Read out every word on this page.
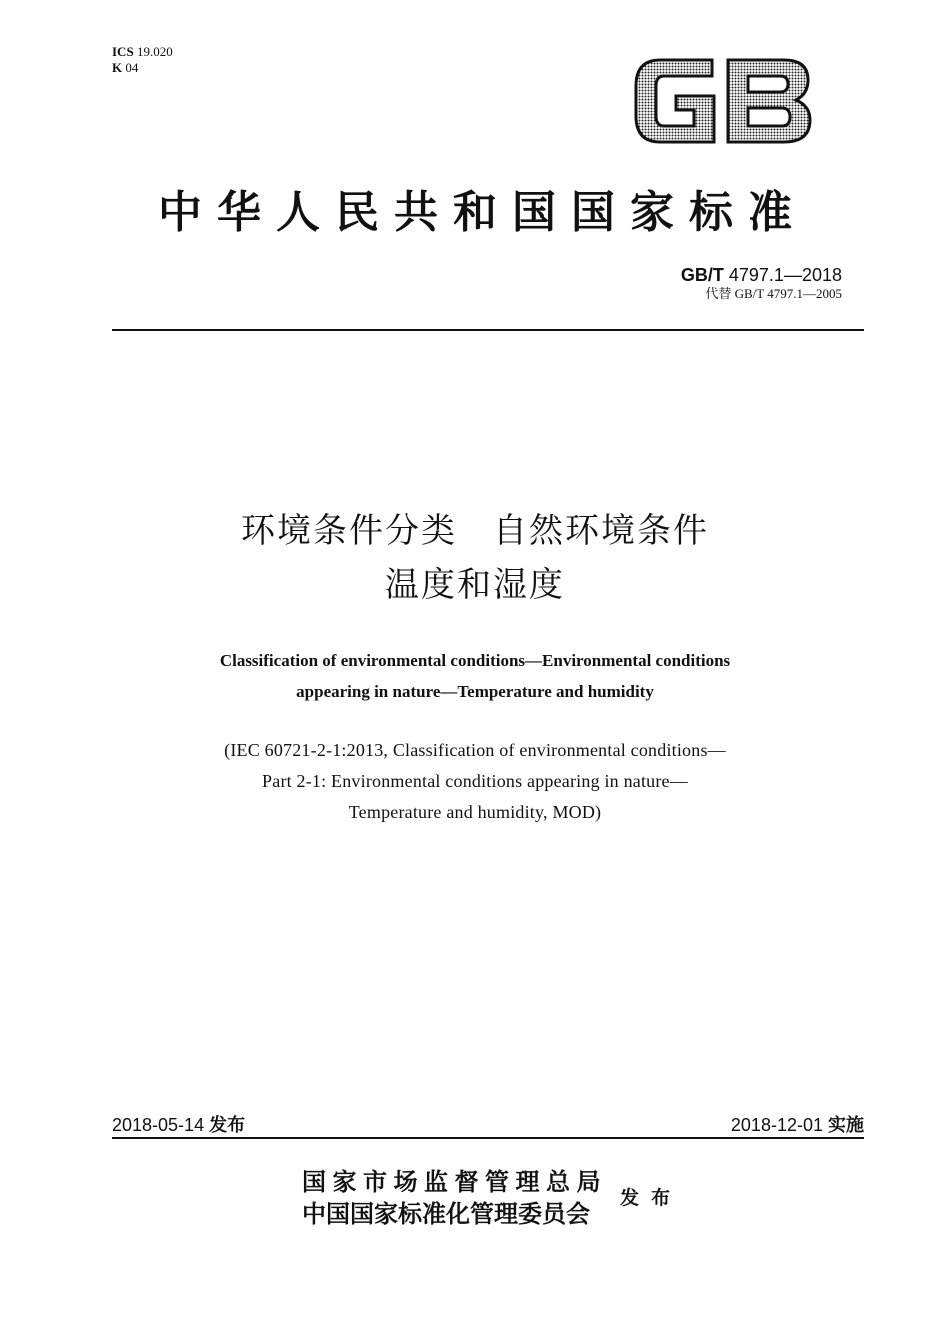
ICS 19.020
K 04
中华人民共和国国家标准
GB/T 4797.1—2018
代替 GB/T 4797.1—2005
环境条件分类　自然环境条件
温度和湿度
Classification of environmental conditions—Environmental conditions
appearing in nature—Temperature and humidity
(IEC 60721-2-1:2013, Classification of environmental conditions—
Part 2-1: Environmental conditions appearing in nature—
Temperature and humidity, MOD)
2018-05-14 发布	2018-12-01 实施
国家市场监督管理总局
中国国家标准化管理委员会
发布
